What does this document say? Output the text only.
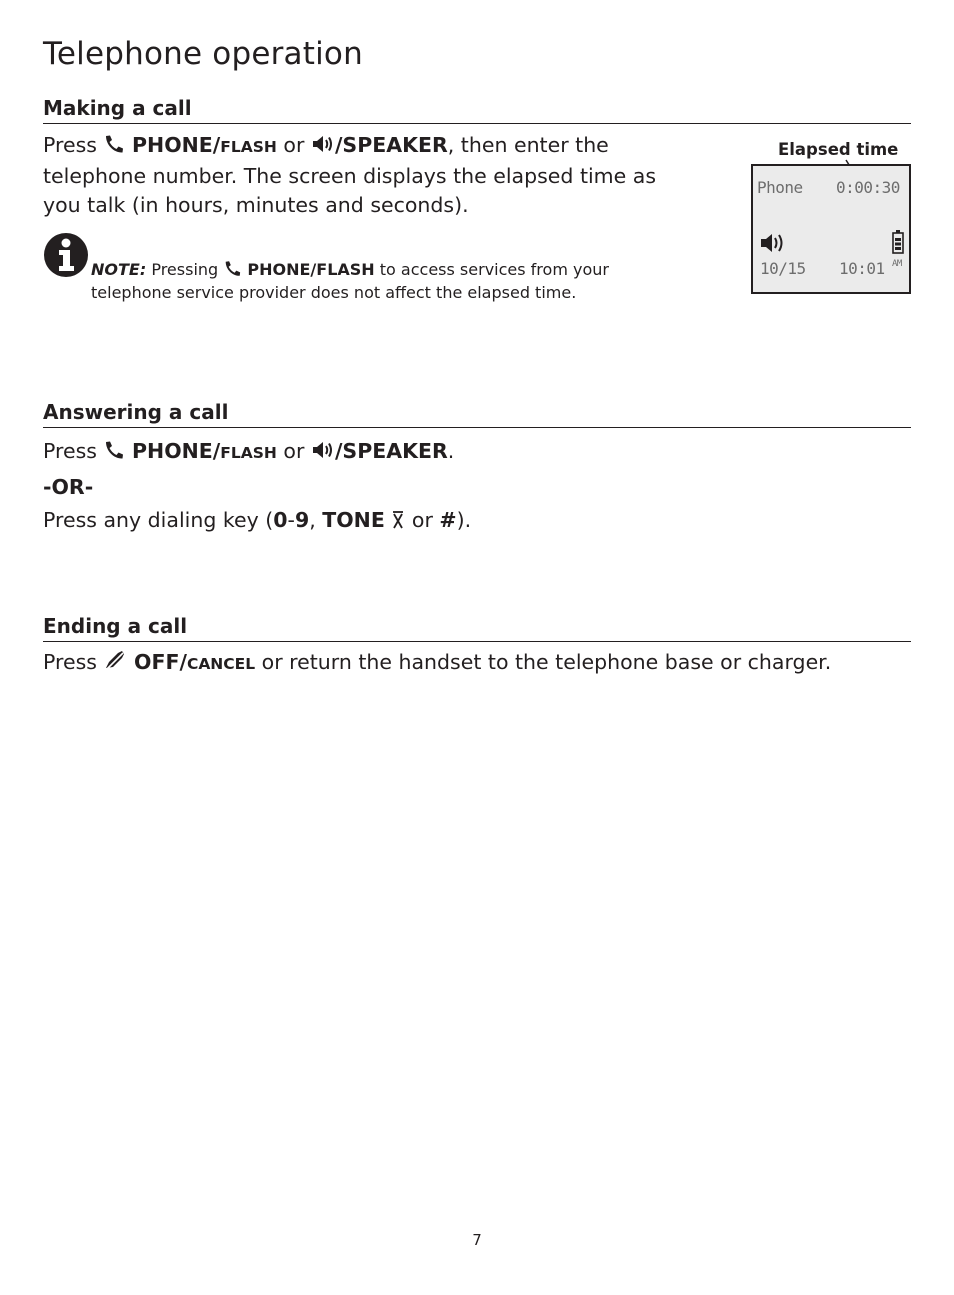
Telephone operation
Making a call
Press PHONE/FLASH or /SPEAKER, then enter the
telephone number. The screen displays the elapsed time as
you talk (in hours, minutes and seconds).
NOTE: Pressing PHONE/FLASH to access services from your
telephone service provider does not affect the elapsed time.
Elapsed time
Phone 0:00:30
10/15 10:01 AM
Answering a call
Press PHONE/FLASH or /SPEAKER.
-OR-
Press any dialing key (0-9, TONE or #).
Ending a call
Press OFF/CANCEL or return the handset to the telephone base or charger.
7
